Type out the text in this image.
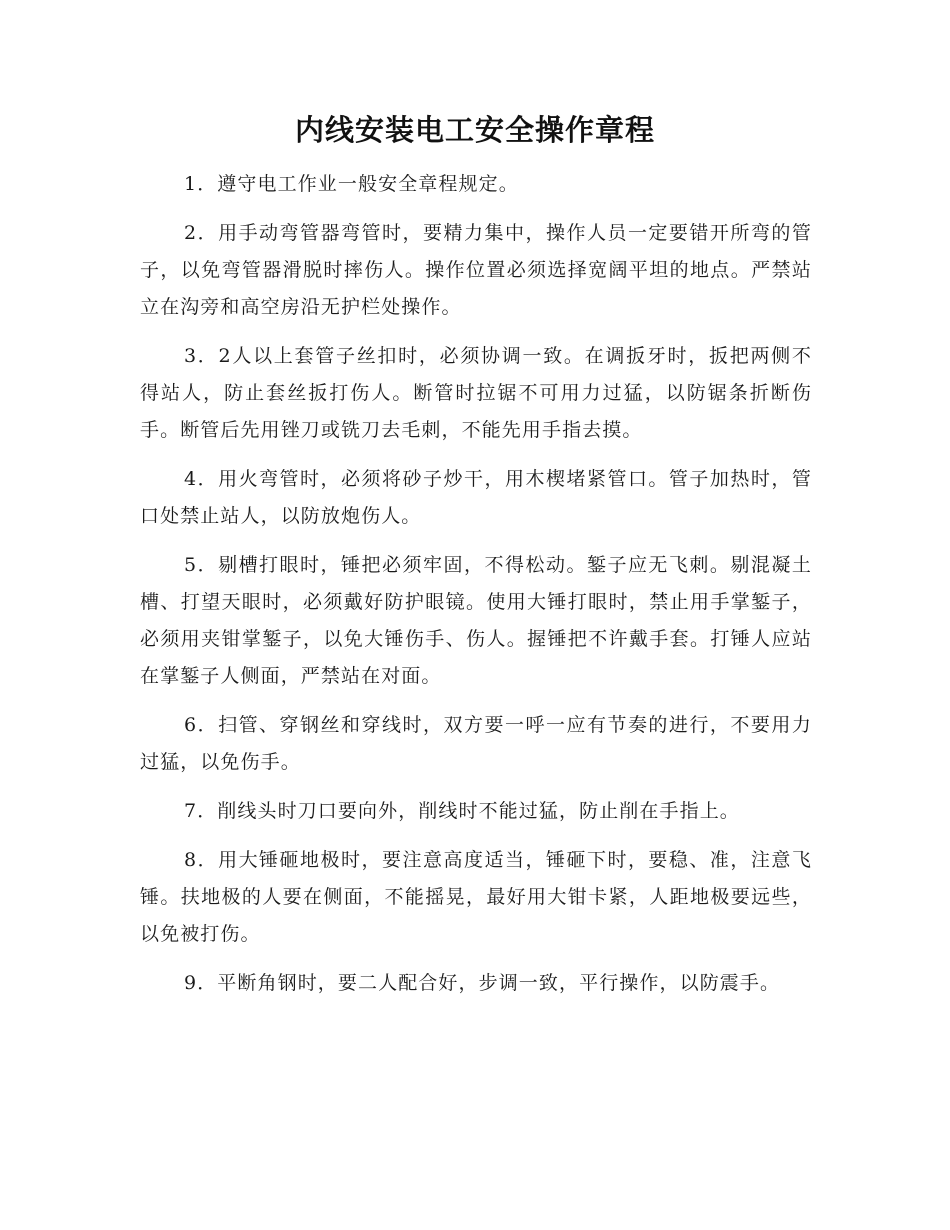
内线安装电工安全操作章程

1．遵守电工作业一般安全章程规定。

2．用手动弯管器弯管时，要精力集中，操作人员一定要错开所弯的管子，以免弯管器滑脱时摔伤人。操作位置必须选择宽阔平坦的地点。严禁站立在沟旁和高空房沿无护栏处操作。

3．2人以上套管子丝扣时，必须协调一致。在调扳牙时，扳把两侧不得站人，防止套丝扳打伤人。断管时拉锯不可用力过猛，以防锯条折断伤手。断管后先用锉刀或铣刀去毛刺，不能先用手指去摸。

4．用火弯管时，必须将砂子炒干，用木楔堵紧管口。管子加热时，管口处禁止站人，以防放炮伤人。

5．剔槽打眼时，锤把必须牢固，不得松动。錾子应无飞刺。剔混凝土槽、打望天眼时，必须戴好防护眼镜。使用大锤打眼时，禁止用手掌錾子，必须用夹钳掌錾子，以免大锤伤手、伤人。握锤把不许戴手套。打锤人应站在掌錾子人侧面，严禁站在对面。

6．扫管、穿钢丝和穿线时，双方要一呼一应有节奏的进行，不要用力过猛，以免伤手。

7．削线头时刀口要向外，削线时不能过猛，防止削在手指上。

8．用大锤砸地极时，要注意高度适当，锤砸下时，要稳、准，注意飞锤。扶地极的人要在侧面，不能摇晃，最好用大钳卡紧，人距地极要远些，以免被打伤。

9．平断角钢时，要二人配合好，步调一致，平行操作，以防震手。
